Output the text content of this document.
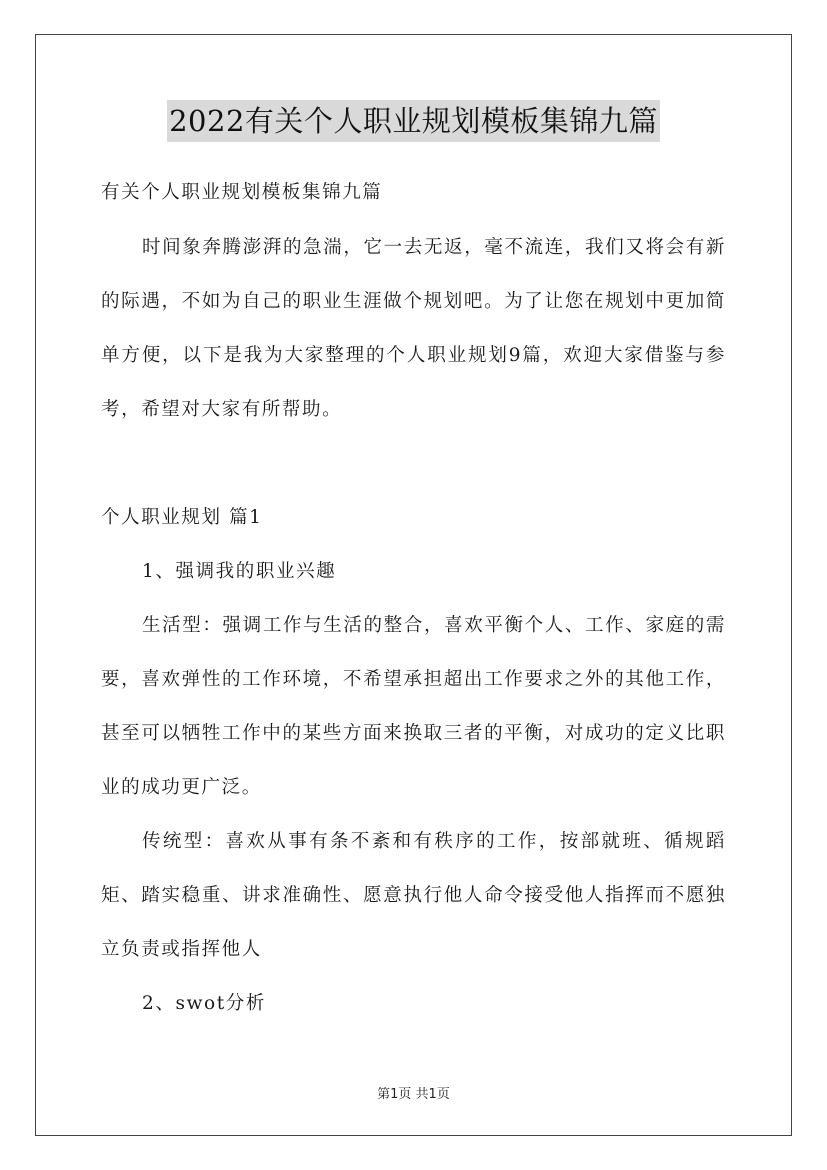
2022有关个人职业规划模板集锦九篇

有关个人职业规划模板集锦九篇

时间象奔腾澎湃的急湍，它一去无返，毫不流连，我们又将会有新的际遇，不如为自己的职业生涯做个规划吧。为了让您在规划中更加简单方便，以下是我为大家整理的个人职业规划9篇，欢迎大家借鉴与参考，希望对大家有所帮助。

个人职业规划 篇1

1、强调我的职业兴趣

生活型：强调工作与生活的整合，喜欢平衡个人、工作、家庭的需要，喜欢弹性的工作环境，不希望承担超出工作要求之外的其他工作，甚至可以牺牲工作中的某些方面来换取三者的平衡，对成功的定义比职业的成功更广泛。

传统型：喜欢从事有条不紊和有秩序的工作，按部就班、循规蹈矩、踏实稳重、讲求准确性、愿意执行他人命令接受他人指挥而不愿独立负责或指挥他人

2、swot分析

第1页 共1页
